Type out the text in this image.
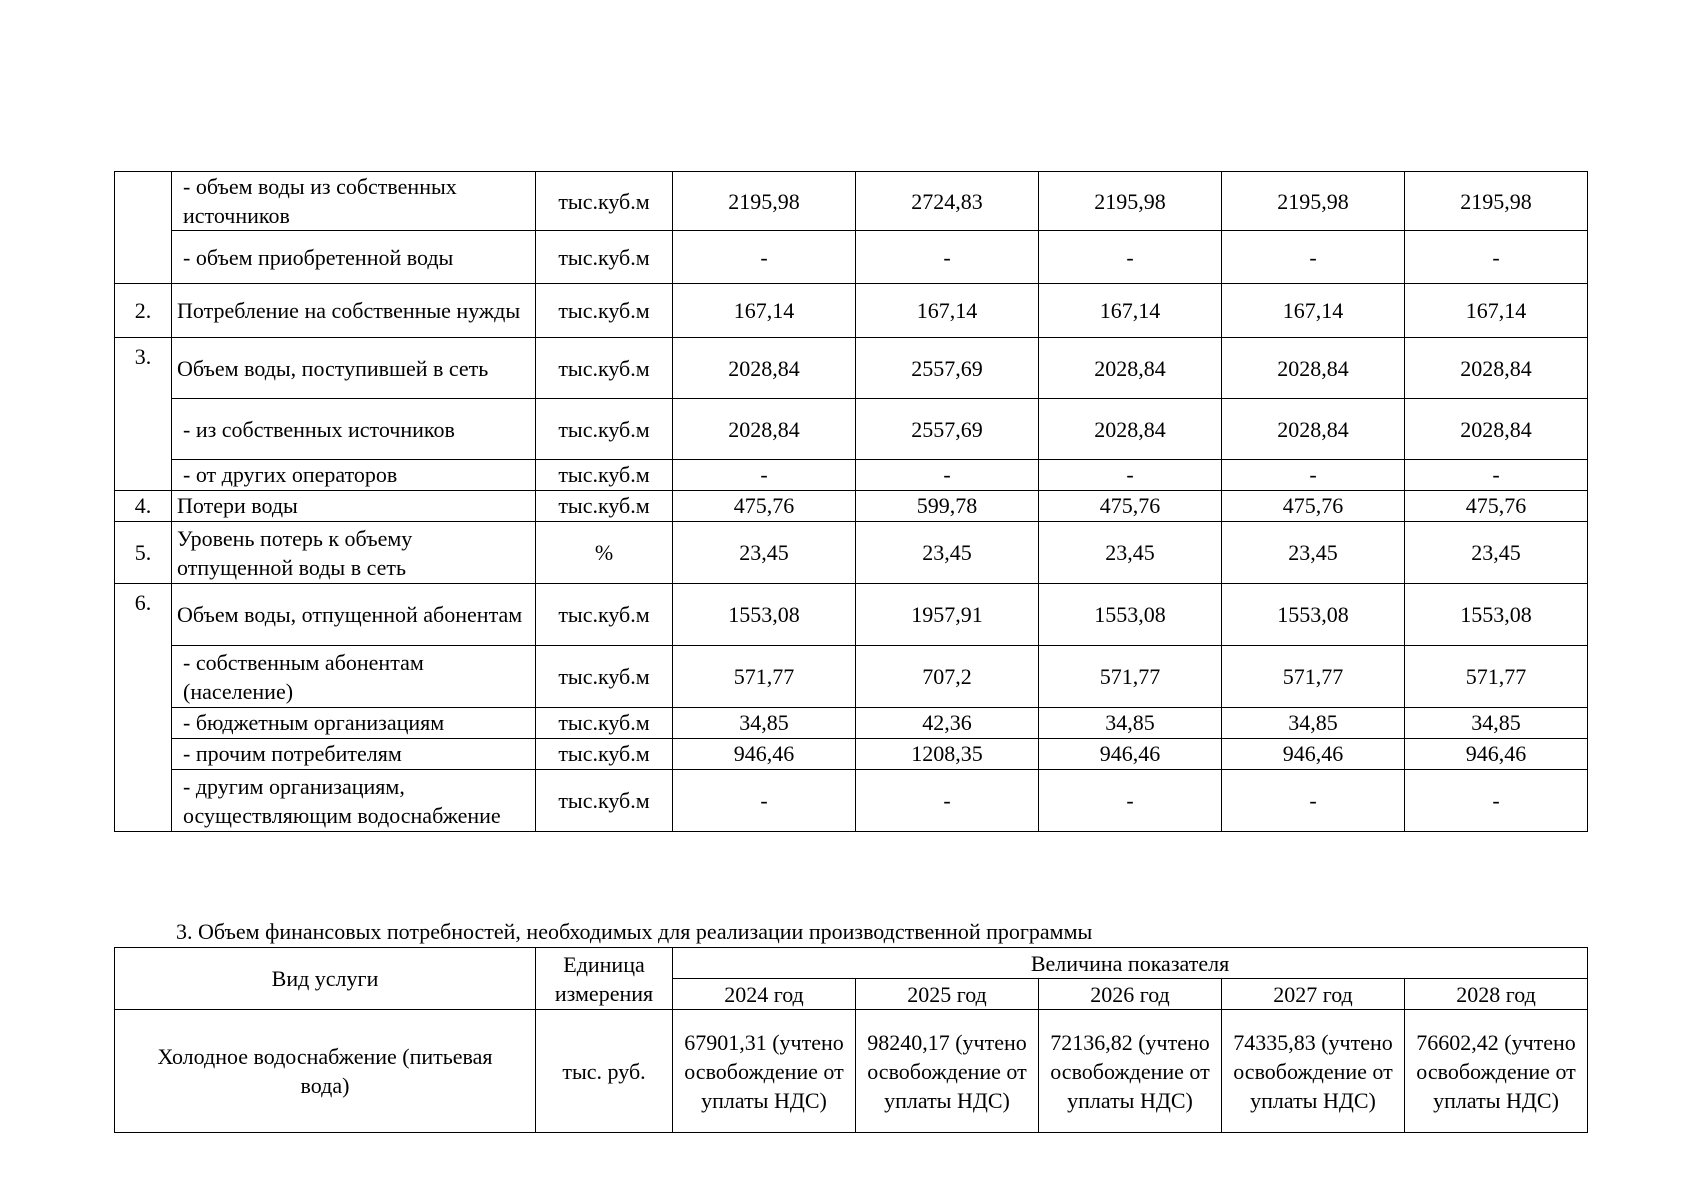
	- объем воды из собственных источников	тыс.куб.м	2195,98	2724,83	2195,98	2195,98	2195,98
	- объем приобретенной воды	тыс.куб.м	-	-	-	-	-
2.	Потребление на собственные нужды	тыс.куб.м	167,14	167,14	167,14	167,14	167,14
3.	Объем воды, поступившей в сеть	тыс.куб.м	2028,84	2557,69	2028,84	2028,84	2028,84
	- из собственных источников	тыс.куб.м	2028,84	2557,69	2028,84	2028,84	2028,84
	- от других операторов	тыс.куб.м	-	-	-	-	-
4.	Потери воды	тыс.куб.м	475,76	599,78	475,76	475,76	475,76
5.	Уровень потерь к объему отпущенной воды в сеть	%	23,45	23,45	23,45	23,45	23,45
6.	Объем воды, отпущенной абонентам	тыс.куб.м	1553,08	1957,91	1553,08	1553,08	1553,08
	- собственным абонентам (население)	тыс.куб.м	571,77	707,2	571,77	571,77	571,77
	- бюджетным организациям	тыс.куб.м	34,85	42,36	34,85	34,85	34,85
	- прочим потребителям	тыс.куб.м	946,46	1208,35	946,46	946,46	946,46
	- другим организациям, осуществляющим водоснабжение	тыс.куб.м	-	-	-	-	-
3. Объем финансовых потребностей, необходимых для реализации производственной программы
Вид услуги	Единица измерения	Величина показателя				
		2024 год	2025 год	2026 год	2027 год	2028 год
Холодное водоснабжение (питьевая вода)	тыс. руб.	67901,31 (учтено освобождение от уплаты НДС)	98240,17 (учтено освобождение от уплаты НДС)	72136,82 (учтено освобождение от уплаты НДС)	74335,83 (учтено освобождение от уплаты НДС)	76602,42 (учтено освобождение от уплаты НДС)
